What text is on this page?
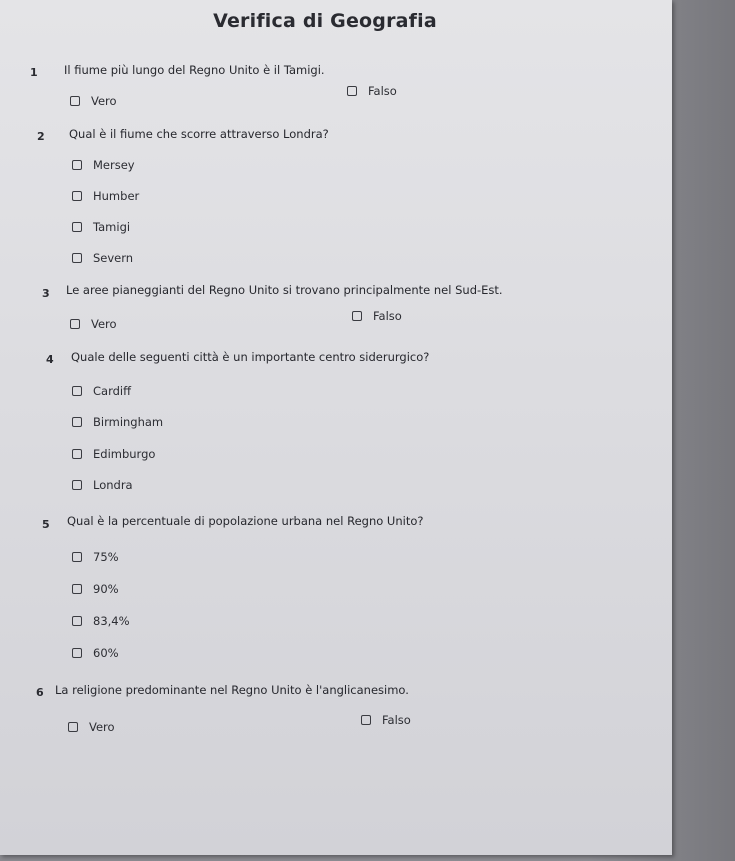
Verifica di Geografia
1 Il fiume più lungo del Regno Unito è il Tamigi.
Vero
Falso
2 Qual è il fiume che scorre attraverso Londra?
Mersey
Humber
Tamigi
Severn
3 Le aree pianeggianti del Regno Unito si trovano principalmente nel Sud-Est.
Vero
Falso
4 Quale delle seguenti città è un importante centro siderurgico?
Cardiff
Birmingham
Edimburgo
Londra
5 Qual è la percentuale di popolazione urbana nel Regno Unito?
75%
90%
83,4%
60%
6 La religione predominante nel Regno Unito è l'anglicanesimo.
Vero	Falso
